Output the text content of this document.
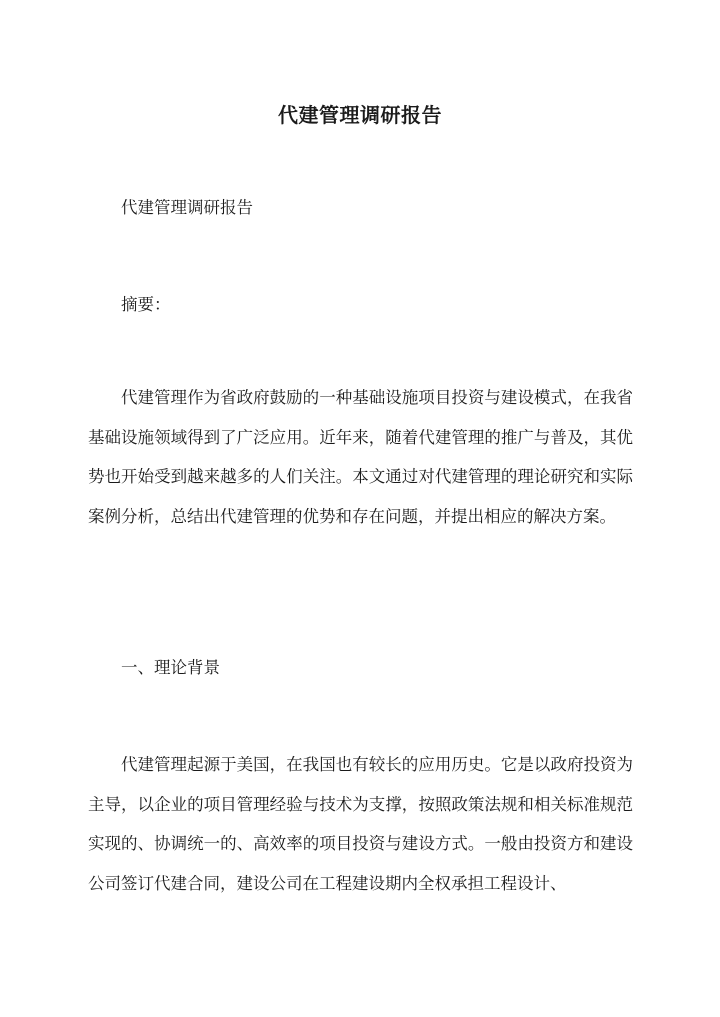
代建管理调研报告

代建管理调研报告

摘要：

代建管理作为省政府鼓励的一种基础设施项目投资与建设模式，在我省基础设施领域得到了广泛应用。近年来，随着代建管理的推广与普及，其优势也开始受到越来越多的人们关注。本文通过对代建管理的理论研究和实际案例分析，总结出代建管理的优势和存在问题，并提出相应的解决方案。

一、理论背景

代建管理起源于美国，在我国也有较长的应用历史。它是以政府投资为主导，以企业的项目管理经验与技术为支撑，按照政策法规和相关标准规范实现的、协调统一的、高效率的项目投资与建设方式。一般由投资方和建设公司签订代建合同，建设公司在工程建设期内全权承担工程设计、
